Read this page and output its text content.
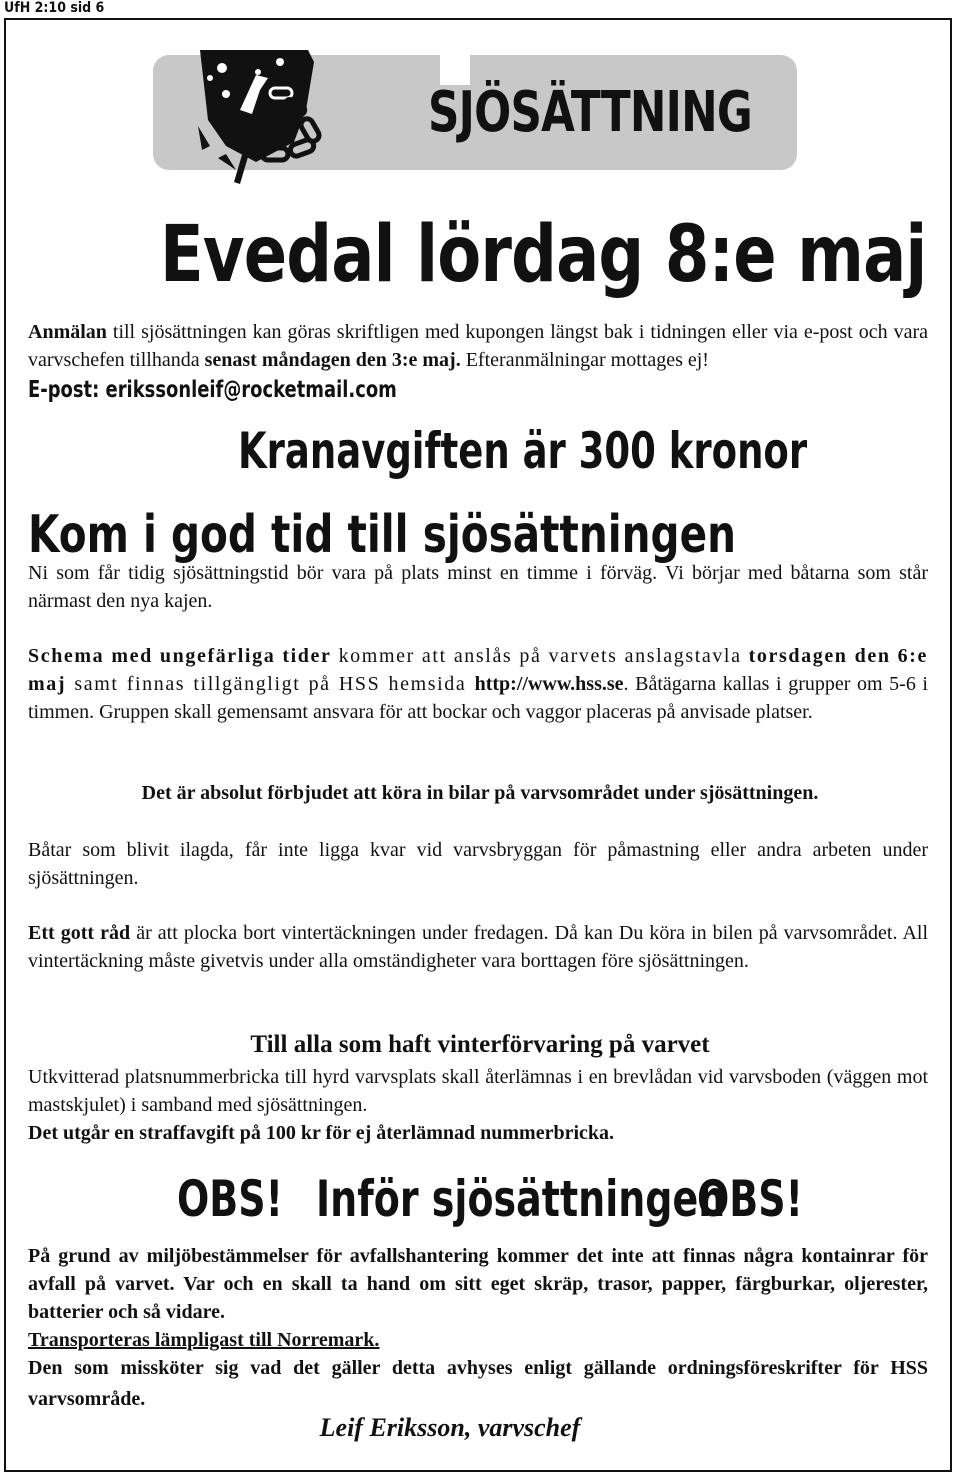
UfH 2:10 sid 6
SJÖSÄTTNING
Evedal lördag 8:e maj
Anmälan till sjösättningen kan göras skriftligen med kupongen längst bak i tidningen eller via e-post och vara varvschefen tillhanda senast måndagen den 3:e maj. Efteranmälningar mottages ej!
E-post: erikssonleif@rocketmail.com
Kranavgiften är 300 kronor
Kom i god tid till sjösättningen
Ni som får tidig sjösättningstid bör vara på plats minst en timme i förväg. Vi börjar med båtarna som står närmast den nya kajen.
Schema med ungefärliga tider kommer att anslås på varvets anslagstavla torsdagen den 6:e maj samt finnas tillgängligt på HSS hemsida http://www.hss.se. Båtägarna kallas i grupper om 5-6 i timmen. Gruppen skall gemensamt ansvara för att bockar och vaggor placeras på anvisade platser.
Det är absolut förbjudet att köra in bilar på varvsområdet under sjösättningen.
Båtar som blivit ilagda, får inte ligga kvar vid varvsbryggan för påmastning eller andra arbeten under sjösättningen.
Ett gott råd är att plocka bort vintertäckningen under fredagen. Då kan Du köra in bilen på varvsområdet. All vintertäckning måste givetvis under alla omständigheter vara borttagen före sjösättningen.
Till alla som haft vinterförvaring på varvet
Utkvitterad platsnummerbricka till hyrd varvsplats skall återlämnas i en brevlådan vid varvsboden (väggen mot mastskjulet) i samband med sjösättningen.
Det utgår en straffavgift på 100 kr för ej återlämnad nummerbricka.
OBS! Inför sjösättningen
OBS!
På grund av miljöbestämmelser för avfallshantering kommer det inte att finnas några kontainrar för avfall på varvet. Var och en skall ta hand om sitt eget skräp, trasor, papper, färgburkar, oljerester, batterier och så vidare.
Transporteras lämpligast till Norremark.
Den som missköter sig vad det gäller detta avhyses enligt gällande ordningsföreskrifter för HSS varvsområde.
Leif Eriksson, varvschef
